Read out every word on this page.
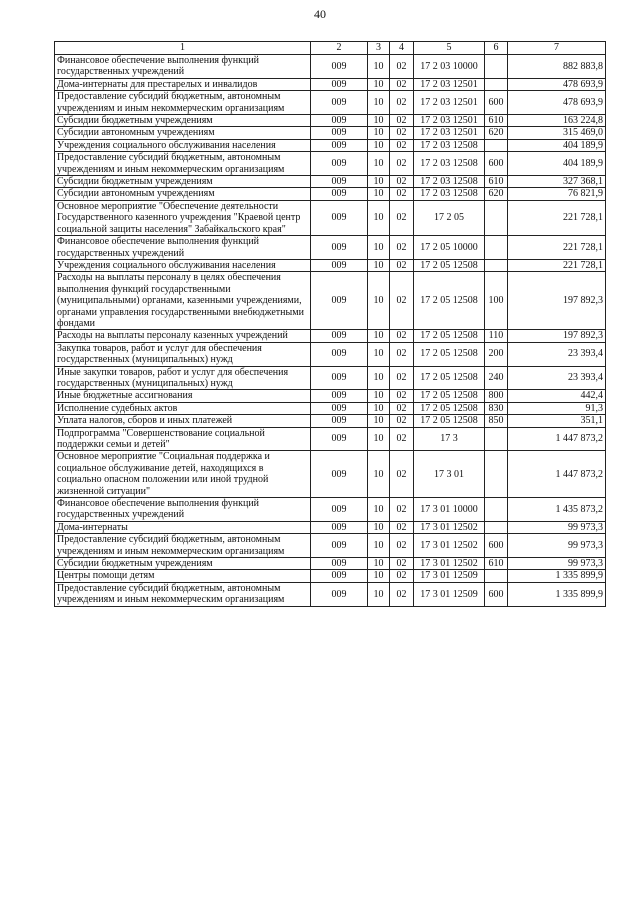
40
1	2	3	4	5	6	7
Финансовое обеспечение выполнения функций государственных учреждений	009	10	02	17 2 03 10000		882 883,8
Дома-интернаты для престарелых и инвалидов	009	10	02	17 2 03 12501		478 693,9
Предоставление субсидий бюджетным, автономным учреждениям и иным некоммерческим организациям	009	10	02	17 2 03 12501	600	478 693,9
Субсидии бюджетным учреждениям	009	10	02	17 2 03 12501	610	163 224,8
Субсидии автономным учреждениям	009	10	02	17 2 03 12501	620	315 469,0
Учреждения социального обслуживания населения	009	10	02	17 2 03 12508		404 189,9
Предоставление субсидий бюджетным, автономным учреждениям и иным некоммерческим организациям	009	10	02	17 2 03 12508	600	404 189,9
Субсидии бюджетным учреждениям	009	10	02	17 2 03 12508	610	327 368,1
Субсидии автономным учреждениям	009	10	02	17 2 03 12508	620	76 821,9
Основное мероприятие "Обеспечение деятельности Государственного казенного учреждения "Краевой центр социальной защиты населения" Забайкальского края"	009	10	02	17 2 05		221 728,1
Финансовое обеспечение выполнения функций государственных учреждений	009	10	02	17 2 05 10000		221 728,1
Учреждения социального обслуживания населения	009	10	02	17 2 05 12508		221 728,1
Расходы на выплаты персоналу в целях обеспечения выполнения функций государственными (муниципальными) органами, казенными учреждениями, органами управления государственными внебюджетными фондами	009	10	02	17 2 05 12508	100	197 892,3
Расходы на выплаты персоналу казенных учреждений	009	10	02	17 2 05 12508	110	197 892,3
Закупка товаров, работ и услуг для обеспечения государственных (муниципальных) нужд	009	10	02	17 2 05 12508	200	23 393,4
Иные закупки товаров, работ и услуг для обеспечения государственных (муниципальных) нужд	009	10	02	17 2 05 12508	240	23 393,4
Иные бюджетные ассигнования	009	10	02	17 2 05 12508	800	442,4
Исполнение судебных актов	009	10	02	17 2 05 12508	830	91,3
Уплата налогов, сборов и иных платежей	009	10	02	17 2 05 12508	850	351,1
Подпрограмма "Совершенствование социальной поддержки семьи и детей"	009	10	02	17 3		1 447 873,2
Основное мероприятие "Социальная поддержка и социальное обслуживание детей, находящихся в социально опасном положении или иной трудной жизненной ситуации"	009	10	02	17 3 01		1 447 873,2
Финансовое обеспечение выполнения функций государственных учреждений	009	10	02	17 3 01 10000		1 435 873,2
Дома-интернаты	009	10	02	17 3 01 12502		99 973,3
Предоставление субсидий бюджетным, автономным учреждениям и иным некоммерческим организациям	009	10	02	17 3 01 12502	600	99 973,3
Субсидии бюджетным учреждениям	009	10	02	17 3 01 12502	610	99 973,3
Центры помощи детям	009	10	02	17 3 01 12509		1 335 899,9
Предоставление субсидий бюджетным, автономным учреждениям и иным некоммерческим организациям	009	10	02	17 3 01 12509	600	1 335 899,9
